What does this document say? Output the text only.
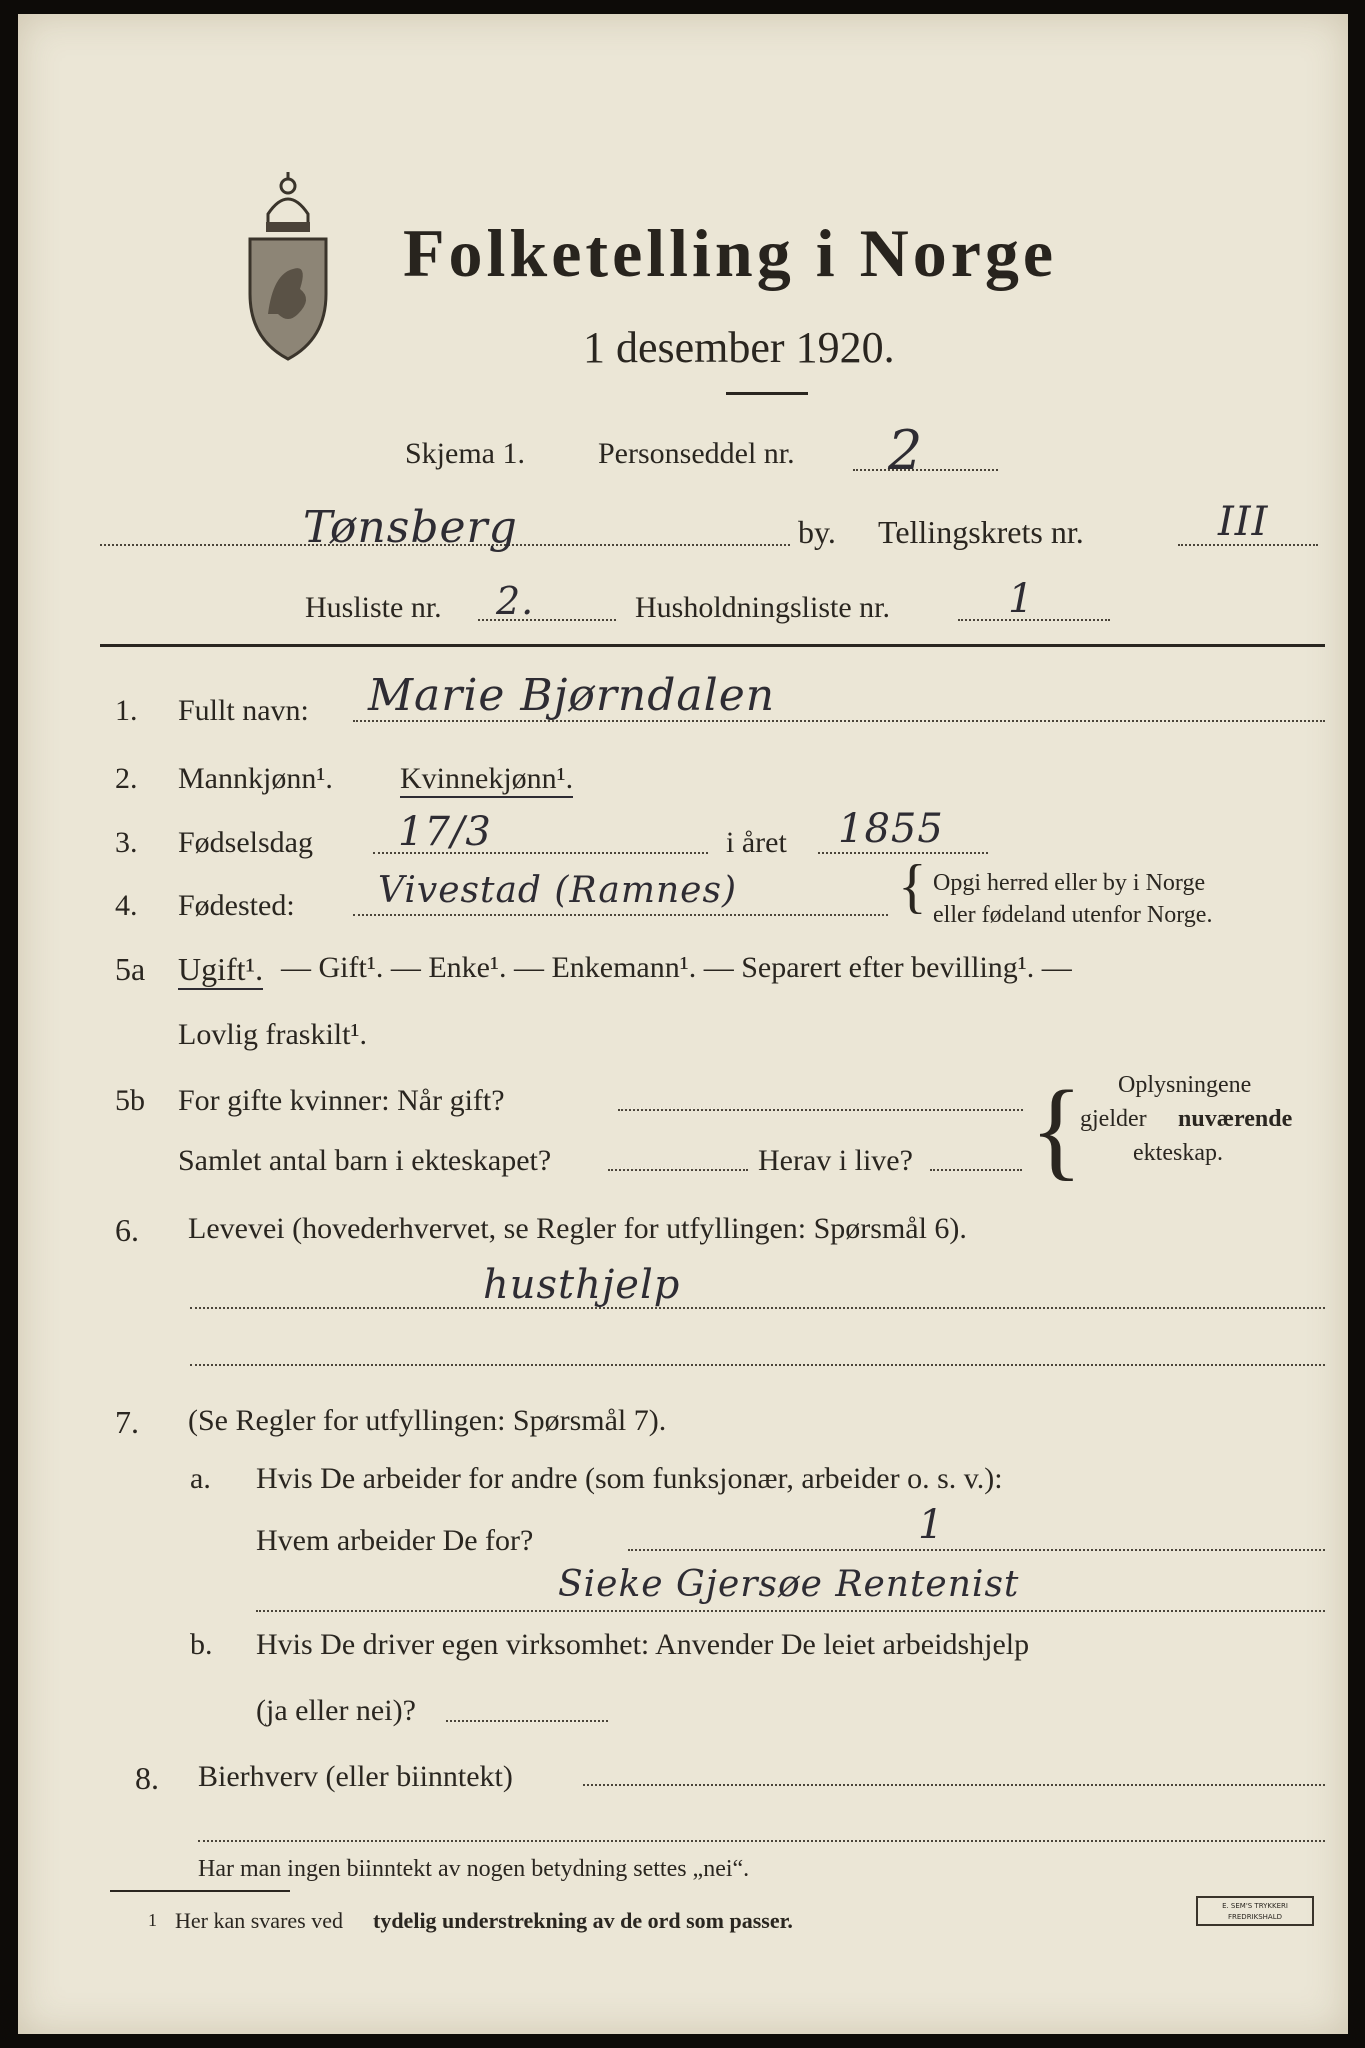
Folketelling i Norge
1 desember 1920.
Skjema 1. Personseddel nr. 2
Tønsberg	by. Tellingskrets nr.	III
Husliste nr. 2.	Husholdningsliste nr.	1
1. Fullt navn: Marie Bjørndalen
2. Mannkjønn¹. Kvinnekjønn¹.
3. Fødselsdag 17/3	i året 1855
4. Fødested: Vivestad (Ramnes)	{ Opgi herred eller by i Norge
eller fødeland utenfor Norge.
5a Ugift¹. — Gift¹. — Enke¹. — Enkemann¹. — Separert efter bevilling¹. —
Lovlig fraskilt¹.
5b For gifte kvinner: Når gift?
Samlet antal barn i ekteskapet?	Herav i live? { Oplysningene
gjelder nuværende
ekteskap.
6. Levevei (hovederhvervet, se Regler for utfyllingen: Spørsmål 6).
husthjelp
7. (Se Regler for utfyllingen: Spørsmål 7).
a. Hvis De arbeider for andre (som funksjonær, arbeider o. s. v.):
Hvem arbeider De for?	1
Sieke Gjersøe Rentenist
b. Hvis De driver egen virksomhet: Anvender De leiet arbeidshjelp
(ja eller nei)?
8. Bierhverv (eller biinntekt)
Har man ingen biinntekt av nogen betydning settes „nei“.
1 Her kan svares ved tydelig understrekning av de ord som passer.
E. SEM'S TRYKKERI
FREDRIKSHALD
